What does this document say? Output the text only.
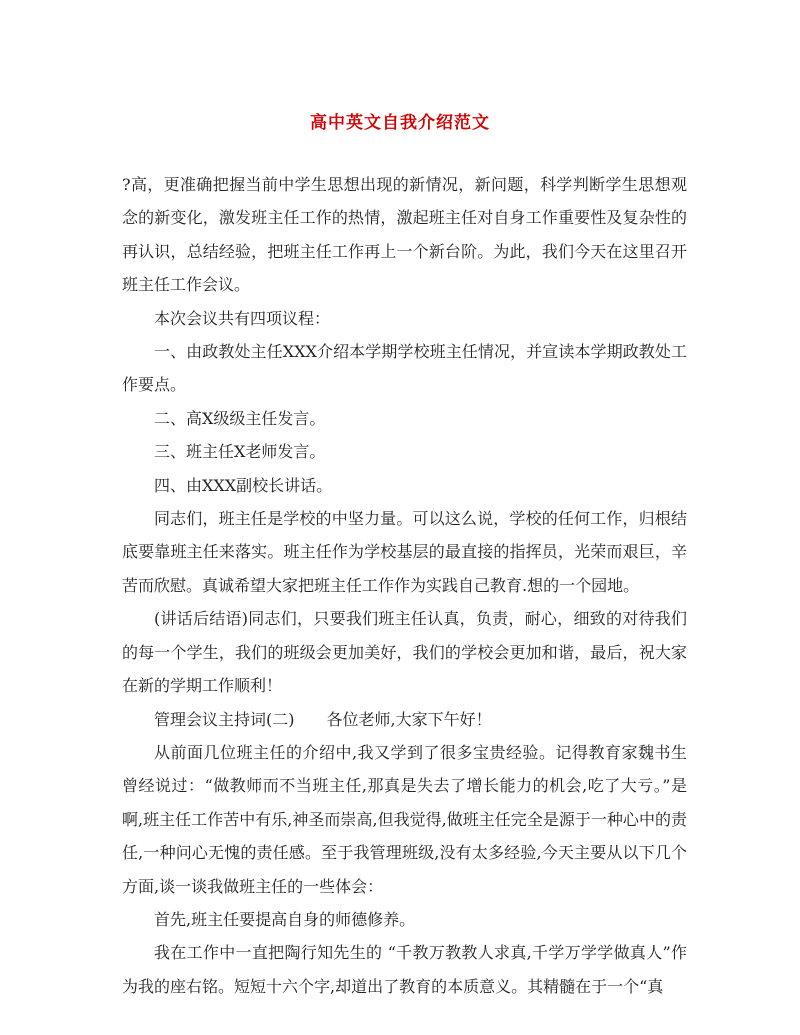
高中英文自我介绍范文

?高，更准确把握当前中学生思想出现的新情况，新问题，科学判断学生思想观念的新变化，激发班主任工作的热情，激起班主任对自身工作重要性及复杂性的再认识，总结经验，把班主任工作再上一个新台阶。为此，我们今天在这里召开班主任工作会议。

本次会议共有四项议程：

一、由政教处主任XXX介绍本学期学校班主任情况，并宣读本学期政教处工作要点。

二、高X级级主任发言。

三、班主任X老师发言。

四、由XXX副校长讲话。

同志们，班主任是学校的中坚力量。可以这么说，学校的任何工作，归根结底要靠班主任来落实。班主任作为学校基层的最直接的指挥员，光荣而艰巨，辛苦而欣慰。真诚希望大家把班主任工作作为实践自己教育.想的一个园地。

(讲话后结语)同志们，只要我们班主任认真，负责，耐心，细致的对待我们的每一个学生，我们的班级会更加美好，我们的学校会更加和谐，最后，祝大家在新的学期工作顺利！

管理会议主持词(二)　　各位老师,大家下午好！

从前面几位班主任的介绍中,我又学到了很多宝贵经验。记得教育家魏书生曾经说过：“做教师而不当班主任,那真是失去了增长能力的机会,吃了大亏。”是啊,班主任工作苦中有乐,神圣而崇高,但我觉得,做班主任完全是源于一种心中的责任,一种问心无愧的责任感。至于我管理班级,没有太多经验,今天主要从以下几个方面,谈一谈我做班主任的一些体会：

首先,班主任要提高自身的师德修养。

我在工作中一直把陶行知先生的 “千教万教教人求真,千学万学学做真人”作为我的座右铭。短短十六个字,却道出了教育的本质意义。其精髓在于一个“真
